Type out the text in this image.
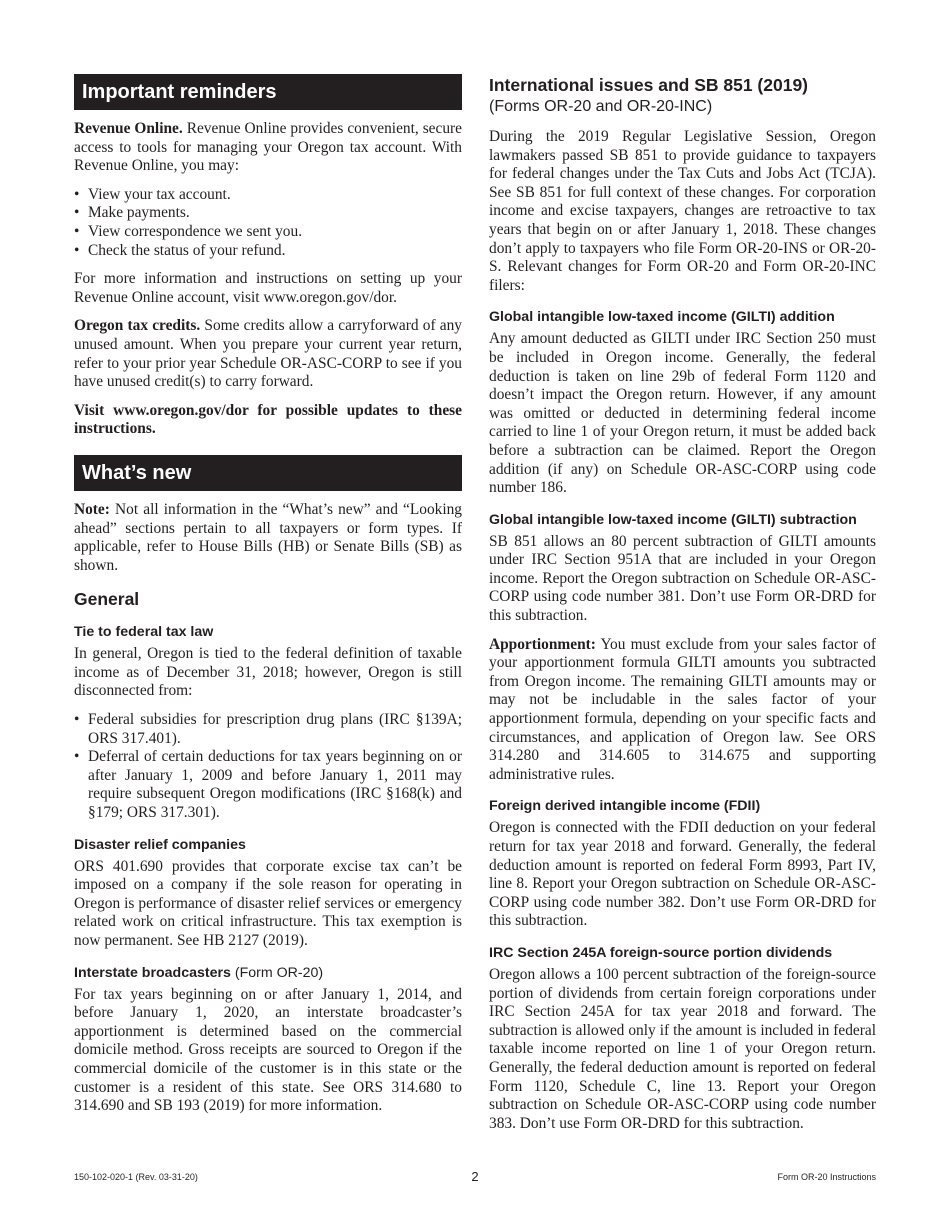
Important reminders

Revenue Online. Revenue Online provides convenient, secure access to tools for managing your Oregon tax account. With Revenue Online, you may:

• View your tax account.
• Make payments.
• View correspondence we sent you.
• Check the status of your refund.

For more information and instructions on setting up your Revenue Online account, visit www.oregon.gov/dor.

Oregon tax credits. Some credits allow a carryforward of any unused amount. When you prepare your current year return, refer to your prior year Schedule OR-ASC-CORP to see if you have unused credit(s) to carry forward.

Visit www.oregon.gov/dor for possible updates to these instructions.

What’s new

Note: Not all information in the “What’s new” and “Looking ahead” sections pertain to all taxpayers or form types. If applicable, refer to House Bills (HB) or Senate Bills (SB) as shown.

General
Tie to federal tax law

In general, Oregon is tied to the federal definition of taxable income as of December 31, 2018; however, Oregon is still disconnected from:

• Federal subsidies for prescription drug plans (IRC §139A; ORS 317.401).
• Deferral of certain deductions for tax years beginning on or after January 1, 2009 and before January 1, 2011 may require subsequent Oregon modifications (IRC §168(k) and §179; ORS 317.301).
Disaster relief companies

ORS 401.690 provides that corporate excise tax can’t be imposed on a company if the sole reason for operating in Oregon is performance of disaster relief services or emergency related work on critical infrastructure. This tax exemption is now permanent. See HB 2127 (2019).

Interstate broadcasters (Form OR-20)

For tax years beginning on or after January 1, 2014, and before January 1, 2020, an interstate broadcaster’s apportionment is determined based on the commercial domicile method. Gross receipts are sourced to Oregon if the commercial domicile of the customer is in this state or the customer is a resident of this state. See ORS 314.680 to 314.690 and SB 193 (2019) for more information.

International issues and SB 851 (2019)
(Forms OR-20 and OR-20-INC)

During the 2019 Regular Legislative Session, Oregon lawmakers passed SB 851 to provide guidance to taxpayers for federal changes under the Tax Cuts and Jobs Act (TCJA). See SB 851 for full context of these changes. For corporation income and excise taxpayers, changes are retroactive to tax years that begin on or after January 1, 2018. These changes don’t apply to taxpayers who file Form OR-20-INS or OR-20-S. Relevant changes for Form OR-20 and Form OR-20-INC filers:

Global intangible low-taxed income (GILTI) addition

Any amount deducted as GILTI under IRC Section 250 must be included in Oregon income. Generally, the federal deduction is taken on line 29b of federal Form 1120 and doesn’t impact the Oregon return. However, if any amount was omitted or deducted in determining federal income carried to line 1 of your Oregon return, it must be added back before a subtraction can be claimed. Report the Oregon addition (if any) on Schedule OR-ASC-CORP using code number 186.

Global intangible low-taxed income (GILTI) subtraction

SB 851 allows an 80 percent subtraction of GILTI amounts under IRC Section 951A that are included in your Oregon income. Report the Oregon subtraction on Schedule OR-ASC-CORP using code number 381. Don’t use Form OR-DRD for this subtraction.

Apportionment: You must exclude from your sales factor of your apportionment formula GILTI amounts you subtracted from Oregon income. The remaining GILTI amounts may or may not be includable in the sales factor of your apportionment formula, depending on your specific facts and circumstances, and application of Oregon law. See ORS 314.280 and 314.605 to 314.675 and supporting administrative rules.

Foreign derived intangible income (FDII)

Oregon is connected with the FDII deduction on your federal return for tax year 2018 and forward. Generally, the federal deduction amount is reported on federal Form 8993, Part IV, line 8. Report your Oregon subtraction on Schedule OR-ASC-CORP using code number 382. Don’t use Form OR-DRD for this subtraction.

IRC Section 245A foreign-source portion dividends

Oregon allows a 100 percent subtraction of the foreign-source portion of dividends from certain foreign corporations under IRC Section 245A for tax year 2018 and forward. The subtraction is allowed only if the amount is included in federal taxable income reported on line 1 of your Oregon return. Generally, the federal deduction amount is reported on federal Form 1120, Schedule C, line 13. Report your Oregon subtraction on Schedule OR-ASC-CORP using code number 383. Don’t use Form OR-DRD for this subtraction.

150-102-020-1 (Rev. 03-31-20)	2	Form OR-20 Instructions
